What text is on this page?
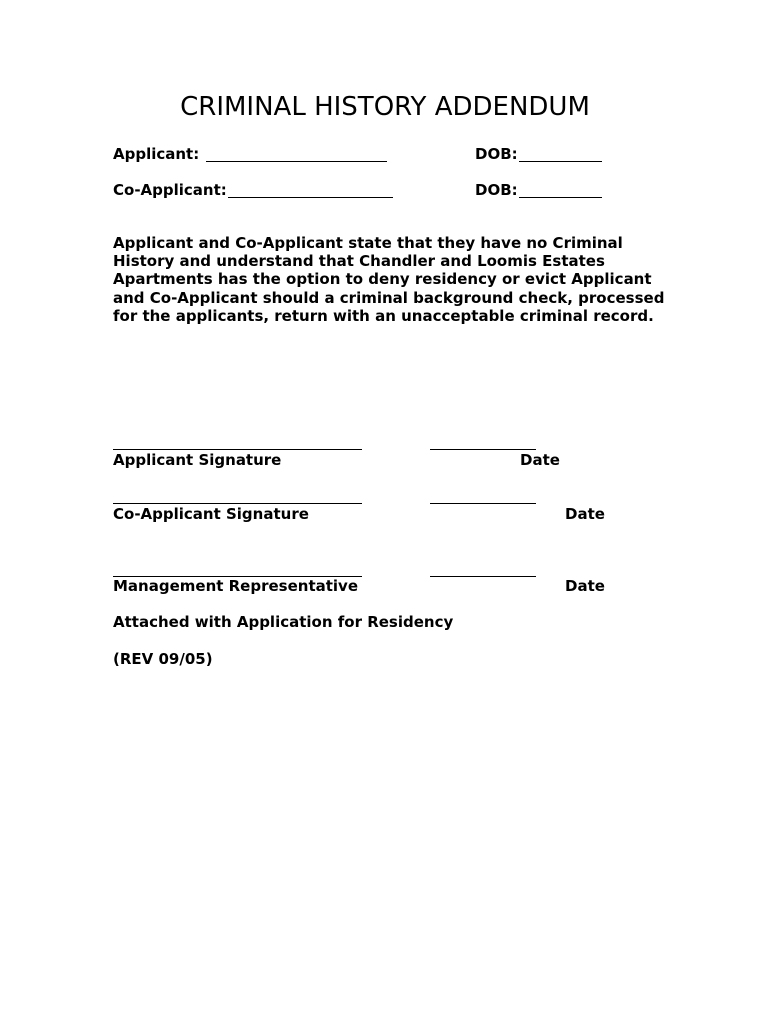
CRIMINAL HISTORY ADDENDUM
Applicant:	DOB:
Co-Applicant:	DOB:
Applicant and Co-Applicant state that they have no Criminal History and understand that Chandler and Loomis Estates Apartments has the option to deny residency or evict Applicant and Co-Applicant should a criminal background check, processed for the applicants, return with an unacceptable criminal record.
Applicant Signature	Date
Co-Applicant Signature	Date
Management Representative	Date
Attached with Application for Residency
(REV 09/05)
